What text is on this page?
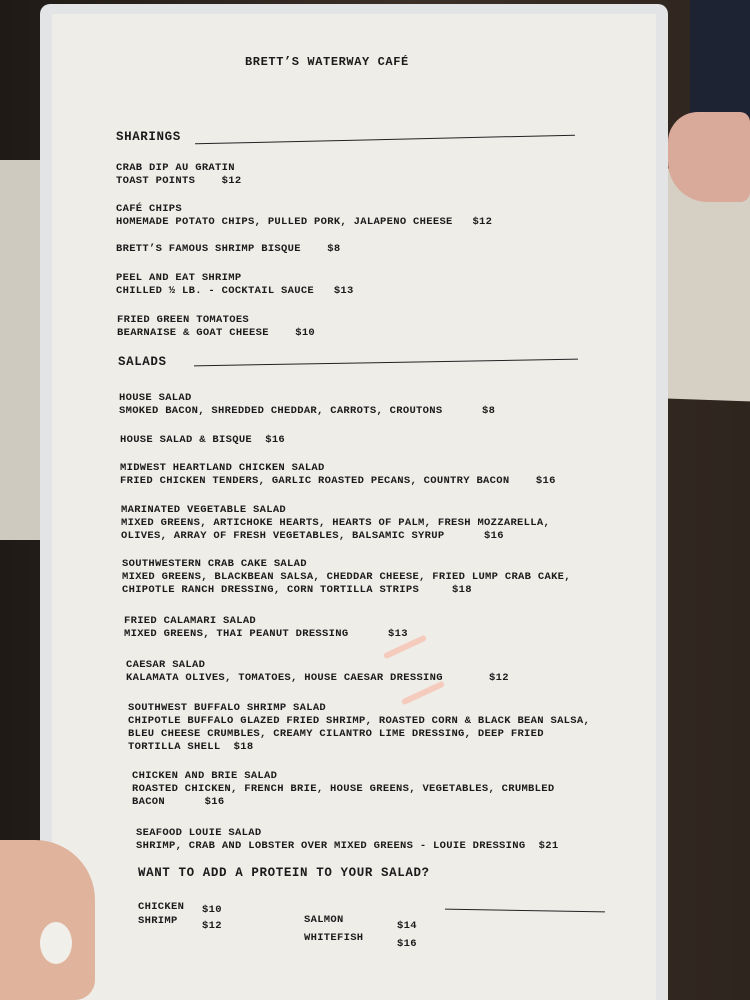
BRETT’S WATERWAY CAFÉ
SHARINGS
CRAB DIP AU GRATIN
TOAST POINTS    $12
CAFÉ CHIPS
HOMEMADE POTATO CHIPS, PULLED PORK, JALAPENO CHEESE   $12
BRETT’S FAMOUS SHRIMP BISQUE    $8
PEEL AND EAT SHRIMP
CHILLED ½ LB. - COCKTAIL SAUCE   $13
FRIED GREEN TOMATOES
BEARNAISE & GOAT CHEESE    $10
SALADS
HOUSE SALAD
SMOKED BACON, SHREDDED CHEDDAR, CARROTS, CROUTONS      $8
HOUSE SALAD & BISQUE  $16
MIDWEST HEARTLAND CHICKEN SALAD
FRIED CHICKEN TENDERS, GARLIC ROASTED PECANS, COUNTRY BACON    $16
MARINATED VEGETABLE SALAD
MIXED GREENS, ARTICHOKE HEARTS, HEARTS OF PALM, FRESH MOZZARELLA,
OLIVES, ARRAY OF FRESH VEGETABLES, BALSAMIC SYRUP      $16
SOUTHWESTERN CRAB CAKE SALAD
MIXED GREENS, BLACKBEAN SALSA, CHEDDAR CHEESE, FRIED LUMP CRAB CAKE,
CHIPOTLE RANCH DRESSING, CORN TORTILLA STRIPS     $18
FRIED CALAMARI SALAD
MIXED GREENS, THAI PEANUT DRESSING      $13
CAESAR SALAD
KALAMATA OLIVES, TOMATOES, HOUSE CAESAR DRESSING       $12
SOUTHWEST BUFFALO SHRIMP SALAD
CHIPOTLE BUFFALO GLAZED FRIED SHRIMP, ROASTED CORN & BLACK BEAN SALSA,
BLEU CHEESE CRUMBLES, CREAMY CILANTRO LIME DRESSING, DEEP FRIED
TORTILLA SHELL  $18
CHICKEN AND BRIE SALAD
ROASTED CHICKEN, FRENCH BRIE, HOUSE GREENS, VEGETABLES, CRUMBLED
BACON      $16
SEAFOOD LOUIE SALAD
SHRIMP, CRAB AND LOBSTER OVER MIXED GREENS - LOUIE DRESSING  $21
WANT TO ADD A PROTEIN TO YOUR SALAD?
CHICKEN $10
SHRIMP $12	SALMON	$14
WHITEFISH	$16
